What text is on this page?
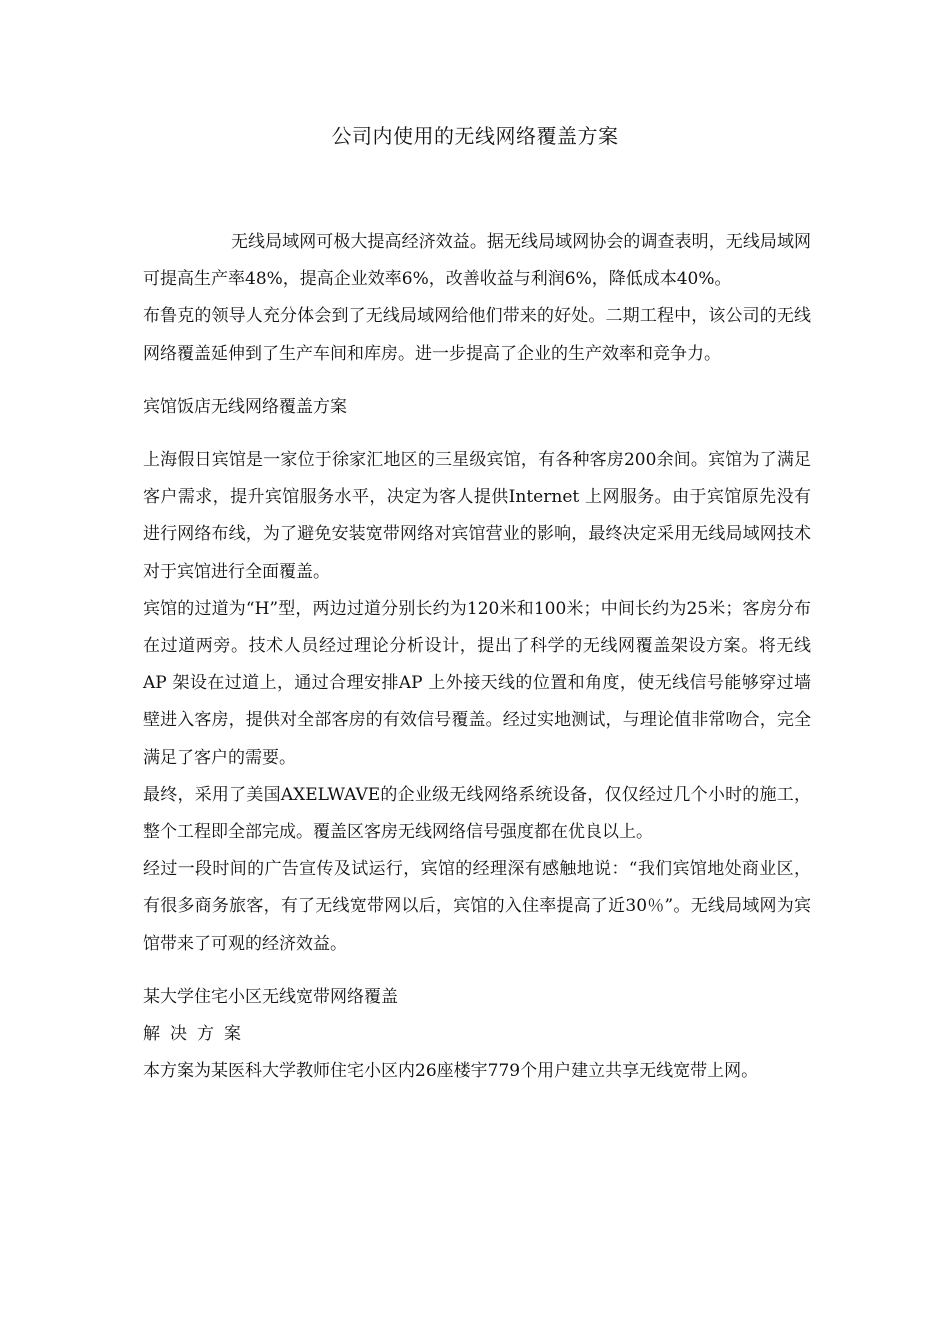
公司内使用的无线网络覆盖方案

无线局域网可极大提高经济效益。据无线局域网协会的调查表明，无线局域网可提高生产率48%，提高企业效率6%，改善收益与利润6%，降低成本40%。

布鲁克的领导人充分体会到了无线局域网给他们带来的好处。二期工程中，该公司的无线网络覆盖延伸到了生产车间和库房。进一步提高了企业的生产效率和竞争力。

宾馆饭店无线网络覆盖方案

上海假日宾馆是一家位于徐家汇地区的三星级宾馆，有各种客房200余间。宾馆为了满足客户需求，提升宾馆服务水平，决定为客人提供Internet 上网服务。由于宾馆原先没有进行网络布线，为了避免安装宽带网络对宾馆营业的影响，最终决定采用无线局域网技术对于宾馆进行全面覆盖。

宾馆的过道为“H”型，两边过道分别长约为120米和100米；中间长约为25米；客房分布在过道两旁。技术人员经过理论分析设计，提出了科学的无线网覆盖架设方案。将无线AP 架设在过道上，通过合理安排AP 上外接天线的位置和角度，使无线信号能够穿过墙壁进入客房，提供对全部客房的有效信号覆盖。经过实地测试，与理论值非常吻合，完全满足了客户的需要。

最终，采用了美国AXELWAVE的企业级无线网络系统设备，仅仅经过几个小时的施工，整个工程即全部完成。覆盖区客房无线网络信号强度都在优良以上。

经过一段时间的广告宣传及试运行，宾馆的经理深有感触地说：“我们宾馆地处商业区，有很多商务旅客，有了无线宽带网以后，宾馆的入住率提高了近30％”。无线局域网为宾馆带来了可观的经济效益。

某大学住宅小区无线宽带网络覆盖

解决方案

本方案为某医科大学教师住宅小区内26座楼宇779个用户建立共享无线宽带上网。
